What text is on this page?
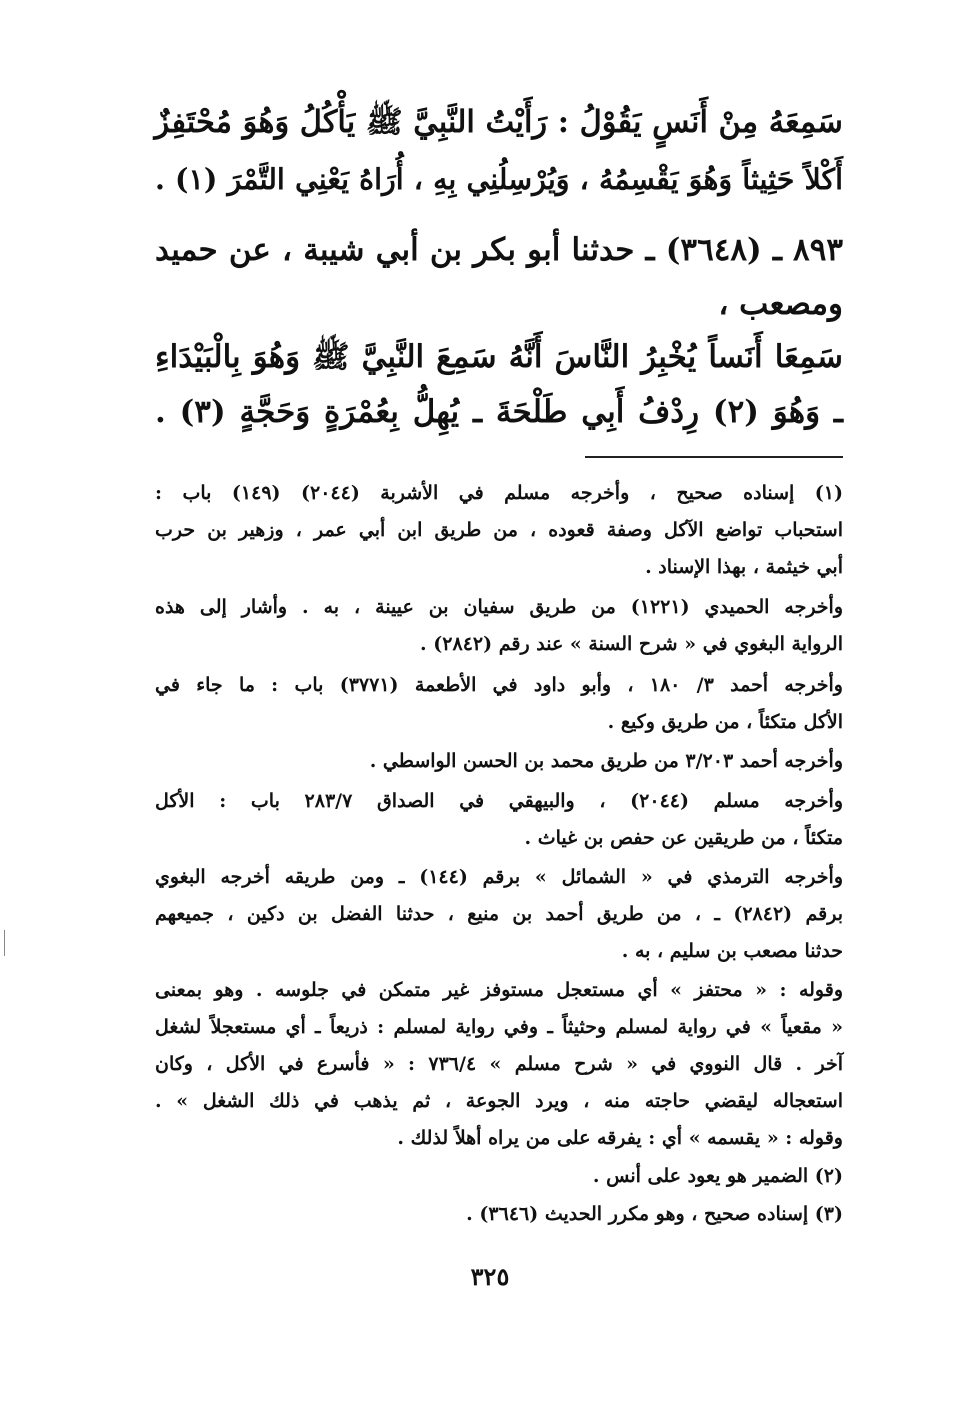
سَمِعَهُ مِنْ أَنَسٍ يَقُوْلُ : رَأَيْتُ النَّبِيَّ ﷺ يَأْكُلُ وَهُوَ مُحْتَفِزٌ
أَكْلاً حَثِيثاً وَهُوَ يَقْسِمُهُ ، وَيُرْسِلُنِي بِهِ ، أُرَاهُ يَعْنِي التَّمْرَ (١) .
٨٩٣ ـ (٣٦٤٨) ـ حدثنا أبو بكر بن أبي شيبة ، عن حميد
ومصعب ،
سَمِعَا أَنَساً يُخْبِرُ النَّاسَ أَنَّهُ سَمِعَ النَّبِيَّ ﷺ وَهُوَ بِالْبَيْدَاءِ
ـ وَهُوَ (٢) رِدْفُ أَبِي طَلْحَةَ ـ يُهِلُّ بِعُمْرَةٍ وَحَجَّةٍ (٣) .
(١) إسناده صحيح ، وأخرجه مسلم في الأشربة (٢٠٤٤) (١٤٩) باب :
استحباب تواضع الآكل وصفة قعوده ، من طريق ابن أبي عمر ، وزهير بن حرب
أبي خيثمة ، بهذا الإسناد .
وأخرجه الحميدي (١٢٢١) من طريق سفيان بن عيينة ، به . وأشار إلى هذه
الرواية البغوي في « شرح السنة » عند رقم (٢٨٤٢) .
وأخرجه أحمد ٣/ ١٨٠ ، وأبو داود في الأطعمة (٣٧٧١) باب : ما جاء في
الأكل متكئاً ، من طريق وكيع .
وأخرجه أحمد ٣/٢٠٣ من طريق محمد بن الحسن الواسطي .
وأخرجه مسلم (٢٠٤٤) ، والبيهقي في الصداق ٢٨٣/٧ باب : الأكل
متكئاً ، من طريقين عن حفص بن غياث .
وأخرجه الترمذي في « الشمائل » برقم (١٤٤) ـ ومن طريقه أخرجه البغوي
برقم (٢٨٤٢) ـ ، من طريق أحمد بن منيع ، حدثنا الفضل بن دكين ، جميعهم
حدثنا مصعب بن سليم ، به .
وقوله : « محتفز » أي مستعجل مستوفز غير متمكن في جلوسه . وهو بمعنى
« مقعياً » في رواية لمسلم وحثيثاً ـ وفي رواية لمسلم : ذريعاً ـ أي مستعجلاً لشغل
آخر . قال النووي في « شرح مسلم » ٧٣٦/٤ : « فأسرع في الأكل ، وكان
استعجاله ليقضي حاجته منه ، ويرد الجوعة ، ثم يذهب في ذلك الشغل » .
وقوله : « يقسمه » أي : يفرقه على من يراه أهلاً لذلك .
(٢) الضمير هو يعود على أنس .
(٣) إسناده صحيح ، وهو مكرر الحديث (٣٦٤٦) .
٣٢٥
